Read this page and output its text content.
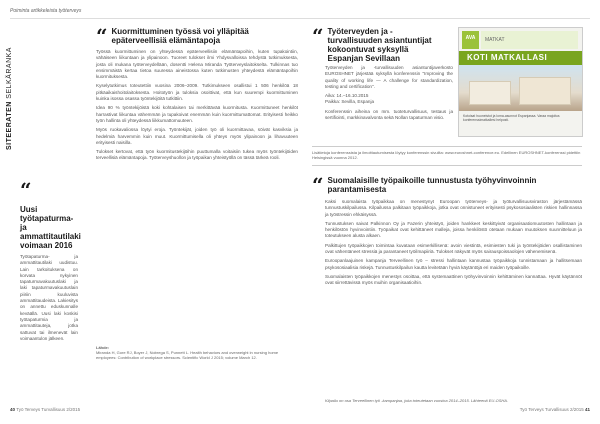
Poiminta artikkeleista työterveys
SITEERATEN SELKÄRANKA
“
Uusi työtapaturma- ja ammattitautilaki voimaan 2016

Työtapaturma- ja ammattitautilaki uudistuu. Lain tarkoituksena on korvata nykyinen tapaturmavakuutuslaki ja laki tapaturmavakuutuslain piiriin kuuluvista ammattitaudeista. Lakiesitys on annettu eduskunnalle keväällä. Uusi laki koskisi työtapaturmia ja ammattitauteja, jotka sattuvat tai ilmenevät lain voimaantulon jälkeen.

“ Kuormittuminen työssä voi ylläpitää epäterveellisiä elämäntapoja

Työssä kuormittuminen on yhteydessä epäterveellisiin elämäntapoihin, kuten tupakointiin, vähäiseen liikuntaan ja ylipainoon. Tuoreet tulokset ilmi Yhdysvalloissa tehdystä tutkimuksesta, josta oli mukana työterveydellään, dosentti Helena Miranda Työterveyslaitokselta. Tulkinnas tuo ensimmäistä kertaa tietoa suuressa aineistossa kuten tutkimusten yhteydestä elämäntapoihin kuormituksesta.

Kyselytutkimus toteutettiin vuosina 2006–2009. Tutkimukseen osallistui 1 506 henkilöä 18 pitkäaikaishoitolaitoksesta. Hoitotyön ja tuloksia osoittivat, että kun suurempi kuormittuminen kuinka isossa osassa työntekijöitä tutkittiin.

Idea 90 % työntekijöistä koki kohtalaisen tai merkittävää kuormitusta. Kuormittuneet henkilöt harrastivat liikuntaa vähemmän ja tupakoivat enemmän kuin kuormittumattomat. Erityisesti heikko työn hallinta oli yhteydessä liikkumattomuuteen.

Myös ruokavaliossa löytyi eroja. Työntekijät, joiden työ oli kuormittavaa, söivät kasviksia ja hedelmiä harvemmin kuin muut. Kuormittumisella oli yhteys myös ylipainoon ja lihavuuteen erityisesti naisilla.

Tulokset kertovat, että työn kuormitustekijöihin puuttumalla voitaisiin tukea myös työntekijöiden terveellisiä elämäntapoja. Työterveyshuollon ja työpaikan yhteistyöllä on tässä tärkeä rooli.

Lähde:
Miranda H, Gore RJ, Boyer J, Nobrega S, Punnett L. Health behaviors and overweight in nursing home employees: Contribution of workplace stressors. Scientific World J 2015; volume March 12.
“ Työterveyden ja -turvallisuuden asiantuntijat kokoontuvat syksyllä Espanjan Sevillaan

Työterveyden ja -turvallisuuden asiantuntijaverkosto EUROSHNET järjestää syksyllä konferenssin "Improving the quality of working life — A challenge for standardization, testing and certification".

Aika: 14.–16.10.2015

Paikka: Sevilla, Espanja

Konferenssin aiheina on mm. tuoteturvallisuus, testaus ja sertifiointi, markkinavalvonta sekä Nollan tapaturman visio.

AVA	MATKAT
KOTI MATKALLASI
Kotoisat huoneistot ja loma-asunnot Espanjassa. Varaa majoitus konferenssimatkallesi helposti.
Lisätietoja konferenssista ja ilmoittautumisesta löytyy konferenssin sivuilta: www.euroshnet-conference.eu. Edellinen EUROSHNET-konferenssi pidettiin Helsingissä vuonna 2012.
“ Suomalaisille työpaikoille tunnustusta työhyvinvoinnin parantamisesta

Kaksi suomalaista työpaikkaa on menestynyt Euroopan työterveys- ja työturvallisuusviraston järjestämässä tunnustuskilpailussa. Kilpailussa palkitaan työpaikkoja, jotka ovat onnistuneet erityisesti psykososiaalisten riskien hallinnassa ja työstressin ehkäisyssä.

Tunnustuksen saivat Palkinnon Oy ja Fazerin yhteistyö, joiden hankkeet keskittyivät organisaatiomuutosten hallintaan ja henkilöstön hyvinvointiin. Työpaikat ovat kehittäneet malleja, joissa henkilöstö otetaan mukaan muutoksen suunnitteluun ja toteutukseen alusta alkaen.

Palkittujen työpaikkojen toimintaa kuvataan esimerkillisenä: avoin viestintä, esimiesten tuki ja työntekijöiden osallistaminen ovat vähentäneet stressiä ja parantaneet työilmapiiriä. Tulokset näkyvät myös sairauspoissaolojen vähenemisenä.

Euroopanlaajuinen kampanja Terveellinen työ – stressi hallintaan kannustaa työpaikkoja tunnistamaan ja hallitsemaan psykososiaalisia riskejä. Tunnustuskilpailun kautta levitetään hyviä käytäntöjä eri maiden työpaikoille.

Suomalaisten työpaikkojen menestys osoittaa, että systemaattinen työhyvinvoinnin kehittäminen kannattaa. Hyvät käytännöt ovat siirrettävissä myös muihin organisaatioihin.

Kilpailu on osa Terveellinen työ -kampanjaa, joka toteutetaan vuosina 2014–2015. Lähteenä EU-OSHA.
40 Työ Terveys Turvallisuus 2/2015	Työ Terveys Turvallisuus 2/2015 41
